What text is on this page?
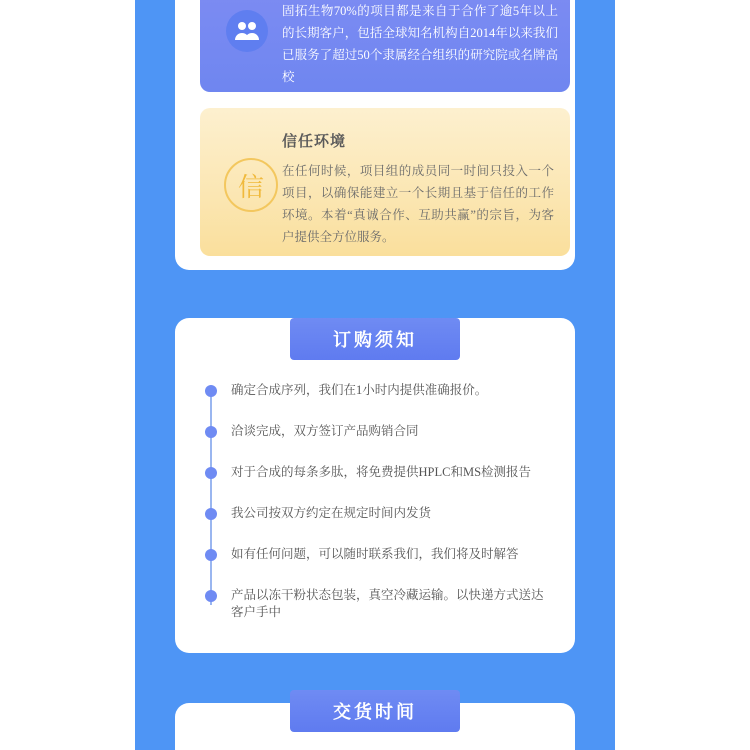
固拓生物70%的项目都是来自于合作了逾5年以上的长期客户，包括全球知名机构自2014年以来我们已服务了超过50个隶属经合组织的研究院或名牌高校
信
信任环境
在任何时候，项目组的成员同一时间只投入一个项目，以确保能建立一个长期且基于信任的工作环境。本着“真诚合作、互助共赢”的宗旨，为客户提供全方位服务。
订购须知
确定合成序列，我们在1小时内提供准确报价。
洽谈完成，双方签订产品购销合同
对于合成的每条多肽，将免费提供HPLC和MS检测报告
我公司按双方约定在规定时间内发货
如有任何问题，可以随时联系我们，我们将及时解答
产品以冻干粉状态包装，真空冷藏运输。以快递方式送达客户手中
交货时间
